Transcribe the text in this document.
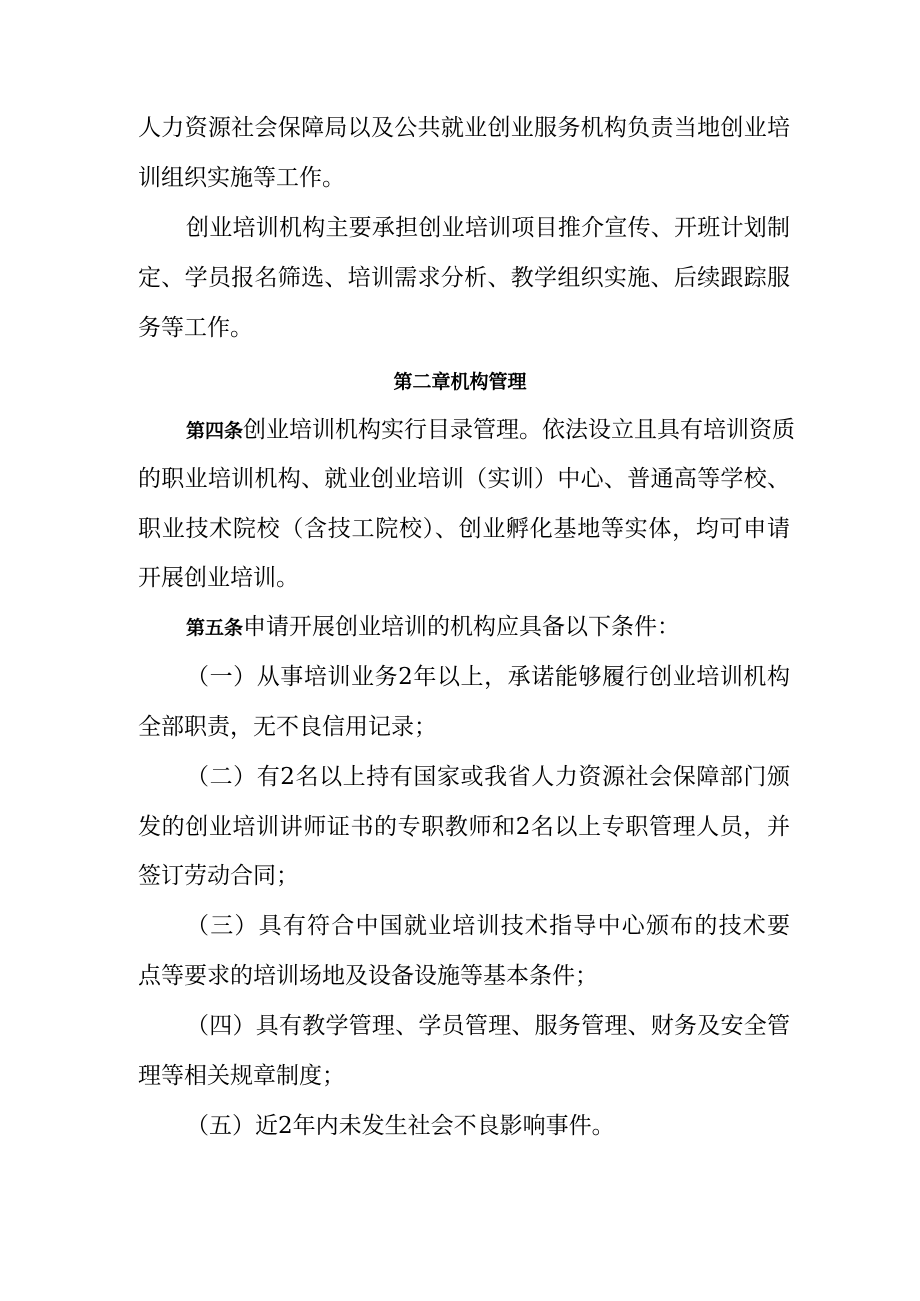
人力资源社会保障局以及公共就业创业服务机构负责当地创业培
训组织实施等工作。
创业培训机构主要承担创业培训项目推介宣传、开班计划制
定、学员报名筛选、培训需求分析、教学组织实施、后续跟踪服
务等工作。
第二章机构管理
第四条创业培训机构实行目录管理。依法设立且具有培训资质
的职业培训机构、就业创业培训（实训）中心、普通高等学校、
职业技术院校（含技工院校）、创业孵化基地等实体，均可申请
开展创业培训。
第五条申请开展创业培训的机构应具备以下条件：
（一）从事培训业务2年以上，承诺能够履行创业培训机构
全部职责，无不良信用记录；
（二）有2名以上持有国家或我省人力资源社会保障部门颁
发的创业培训讲师证书的专职教师和2名以上专职管理人员，并
签订劳动合同；
（三）具有符合中国就业培训技术指导中心颁布的技术要
点等要求的培训场地及设备设施等基本条件；
（四）具有教学管理、学员管理、服务管理、财务及安全管
理等相关规章制度；
（五）近2年内未发生社会不良影响事件。
